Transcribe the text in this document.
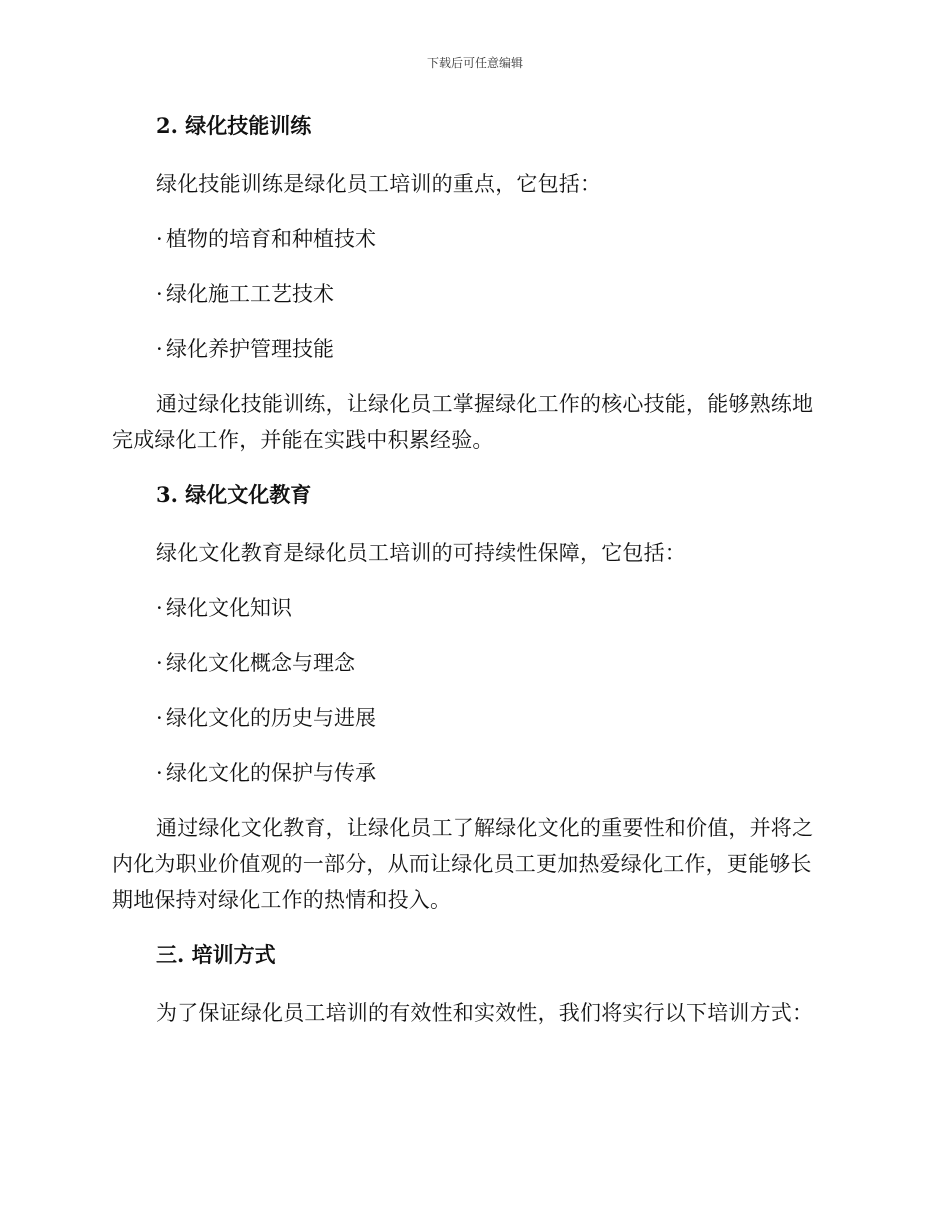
下载后可任意编辑
2. 绿化技能训练
绿化技能训练是绿化员工培训的重点，它包括：
· 植物的培育和种植技术
· 绿化施工工艺技术
· 绿化养护管理技能
通过绿化技能训练，让绿化员工掌握绿化工作的核心技能，能够熟练地完成绿化工作，并能在实践中积累经验。
3. 绿化文化教育
绿化文化教育是绿化员工培训的可持续性保障，它包括：
· 绿化文化知识
· 绿化文化概念与理念
· 绿化文化的历史与进展
· 绿化文化的保护与传承
通过绿化文化教育，让绿化员工了解绿化文化的重要性和价值，并将之内化为职业价值观的一部分，从而让绿化员工更加热爱绿化工作，更能够长期地保持对绿化工作的热情和投入。
三. 培训方式
为了保证绿化员工培训的有效性和实效性，我们将实行以下培训方式：
